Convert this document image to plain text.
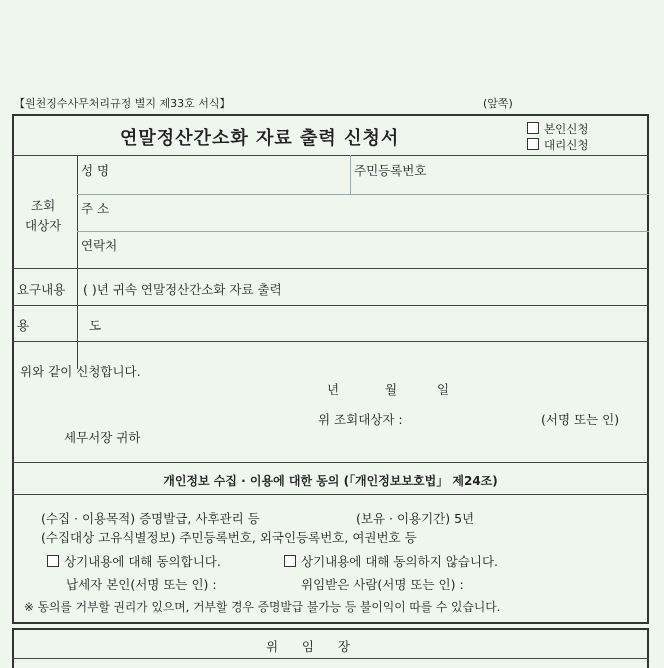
【원천징수사무처리규정 별지 제33호 서식】	(앞쪽)
연말정산간소화 자료 출력 신청서	본인신청
대리신청
조회
대상자
성 명	주민등록번호
주 소
연락처
요구내용 ( )년 귀속 연말정산간소화 자료 출력
용 도
위와 같이 신청합니다.
년	월	일
위 조회대상자 :	(서명 또는 인)
세무서장 귀하
개인정보 수집 · 이용에 대한 동의 (「개인정보보호법」 제24조)
(수집 · 이용목적) 증명발급, 사후관리 등	(보유 · 이용기간) 5년
(수집대상 고유식별정보) 주민등록번호, 외국인등록번호, 여권번호 등
상기내용에 대해 동의합니다.	상기내용에 대해 동의하지 않습니다.
납세자 본인(서명 또는 인) :	위임받은 사람(서명 또는 인) :
※ 동의를 거부할 권리가 있으며, 거부할 경우 증명발급 불가능 등 불이익이 따를 수 있습니다.
위      임      장
